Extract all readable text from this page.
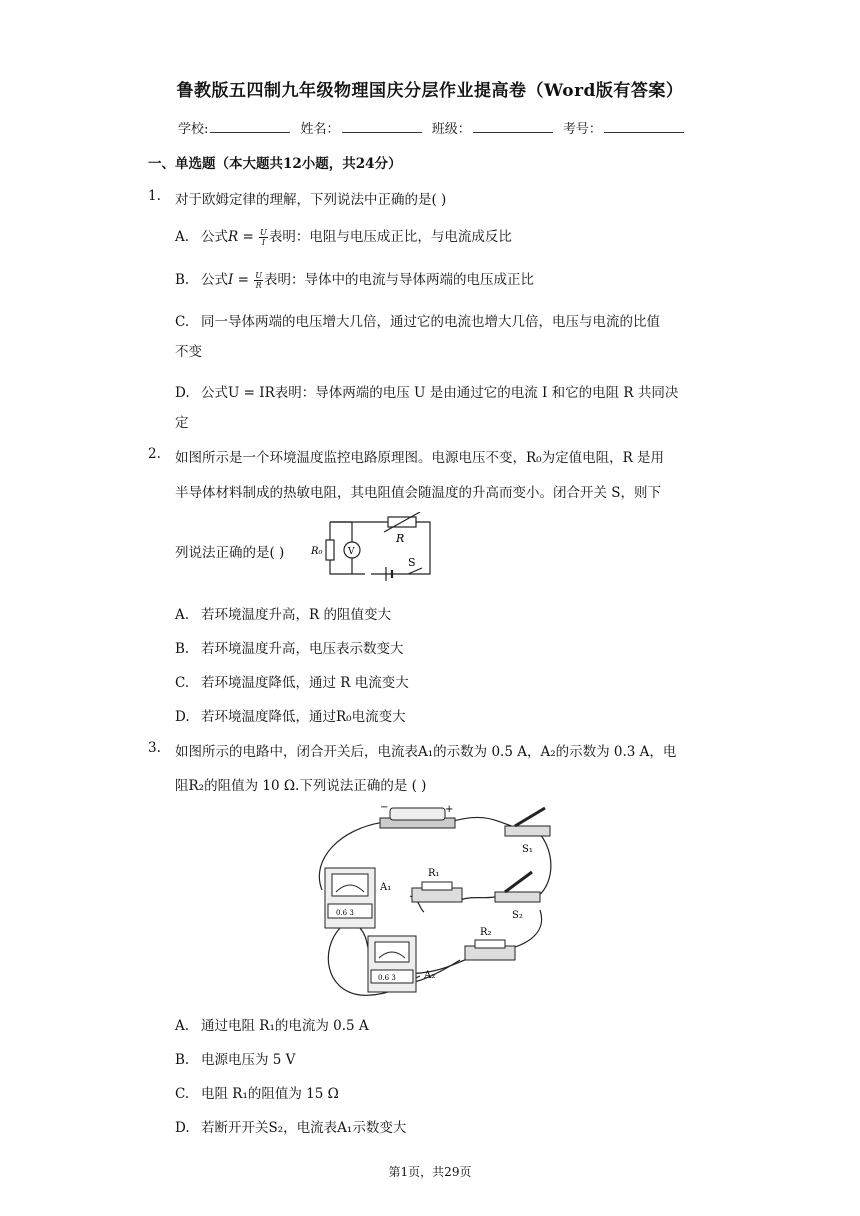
鲁教版五四制九年级物理国庆分层作业提高卷（Word版有答案）
学校:	姓名：	班级：	考号：
一、单选题（本大题共12小题，共24分）
1. 对于欧姆定律的理解，下列说法中正确的是( )
A. 公式$R = \frac{U}{I}$ 表明：电阻与电压成正比，与电流成反比
B. 公式$I = \frac{U}{R}$ 表明：导体中的电流与导体两端的电压成正比
C. 同一导体两端的电压增大几倍，通过它的电流也增大几倍，电压与电流的比值
不变
D. 公式U = IR表明：导体两端的电压 U 是由通过它的电流 I 和它的电阻 R 共同决
定
2. 如图所示是一个环境温度监控电路原理图。电源电压不变，R₀为定值电阻，R 是用
半导体材料制成的热敏电阻，其电阻值会随温度的升高而变小。闭合开关 S，则下
列说法正确的是( )	R₀	V
R
S
A. 若环境温度升高，R 的阻值变大
B. 若环境温度升高，电压表示数变大
C. 若环境温度降低，通过 R 电流变大
D. 若环境温度降低，通过R₀电流变大
3. 如图所示的电路中，闭合开关后，电流表A₁的示数为 0.5 A，A₂的示数为 0.3 A，电
阻R₂的阻值为 10 Ω.下列说法正确的是 ( )
−	+
S₁
0.6 3
A₁
R₁
S₂
R₂
0.6 3	A₂
A. 通过电阻 R₁的电流为 0.5 A
B. 电源电压为 5 V
C. 电阻 R₁的阻值为 15 Ω
D. 若断开开关S₂，电流表A₁示数变大
第1页，共29页
